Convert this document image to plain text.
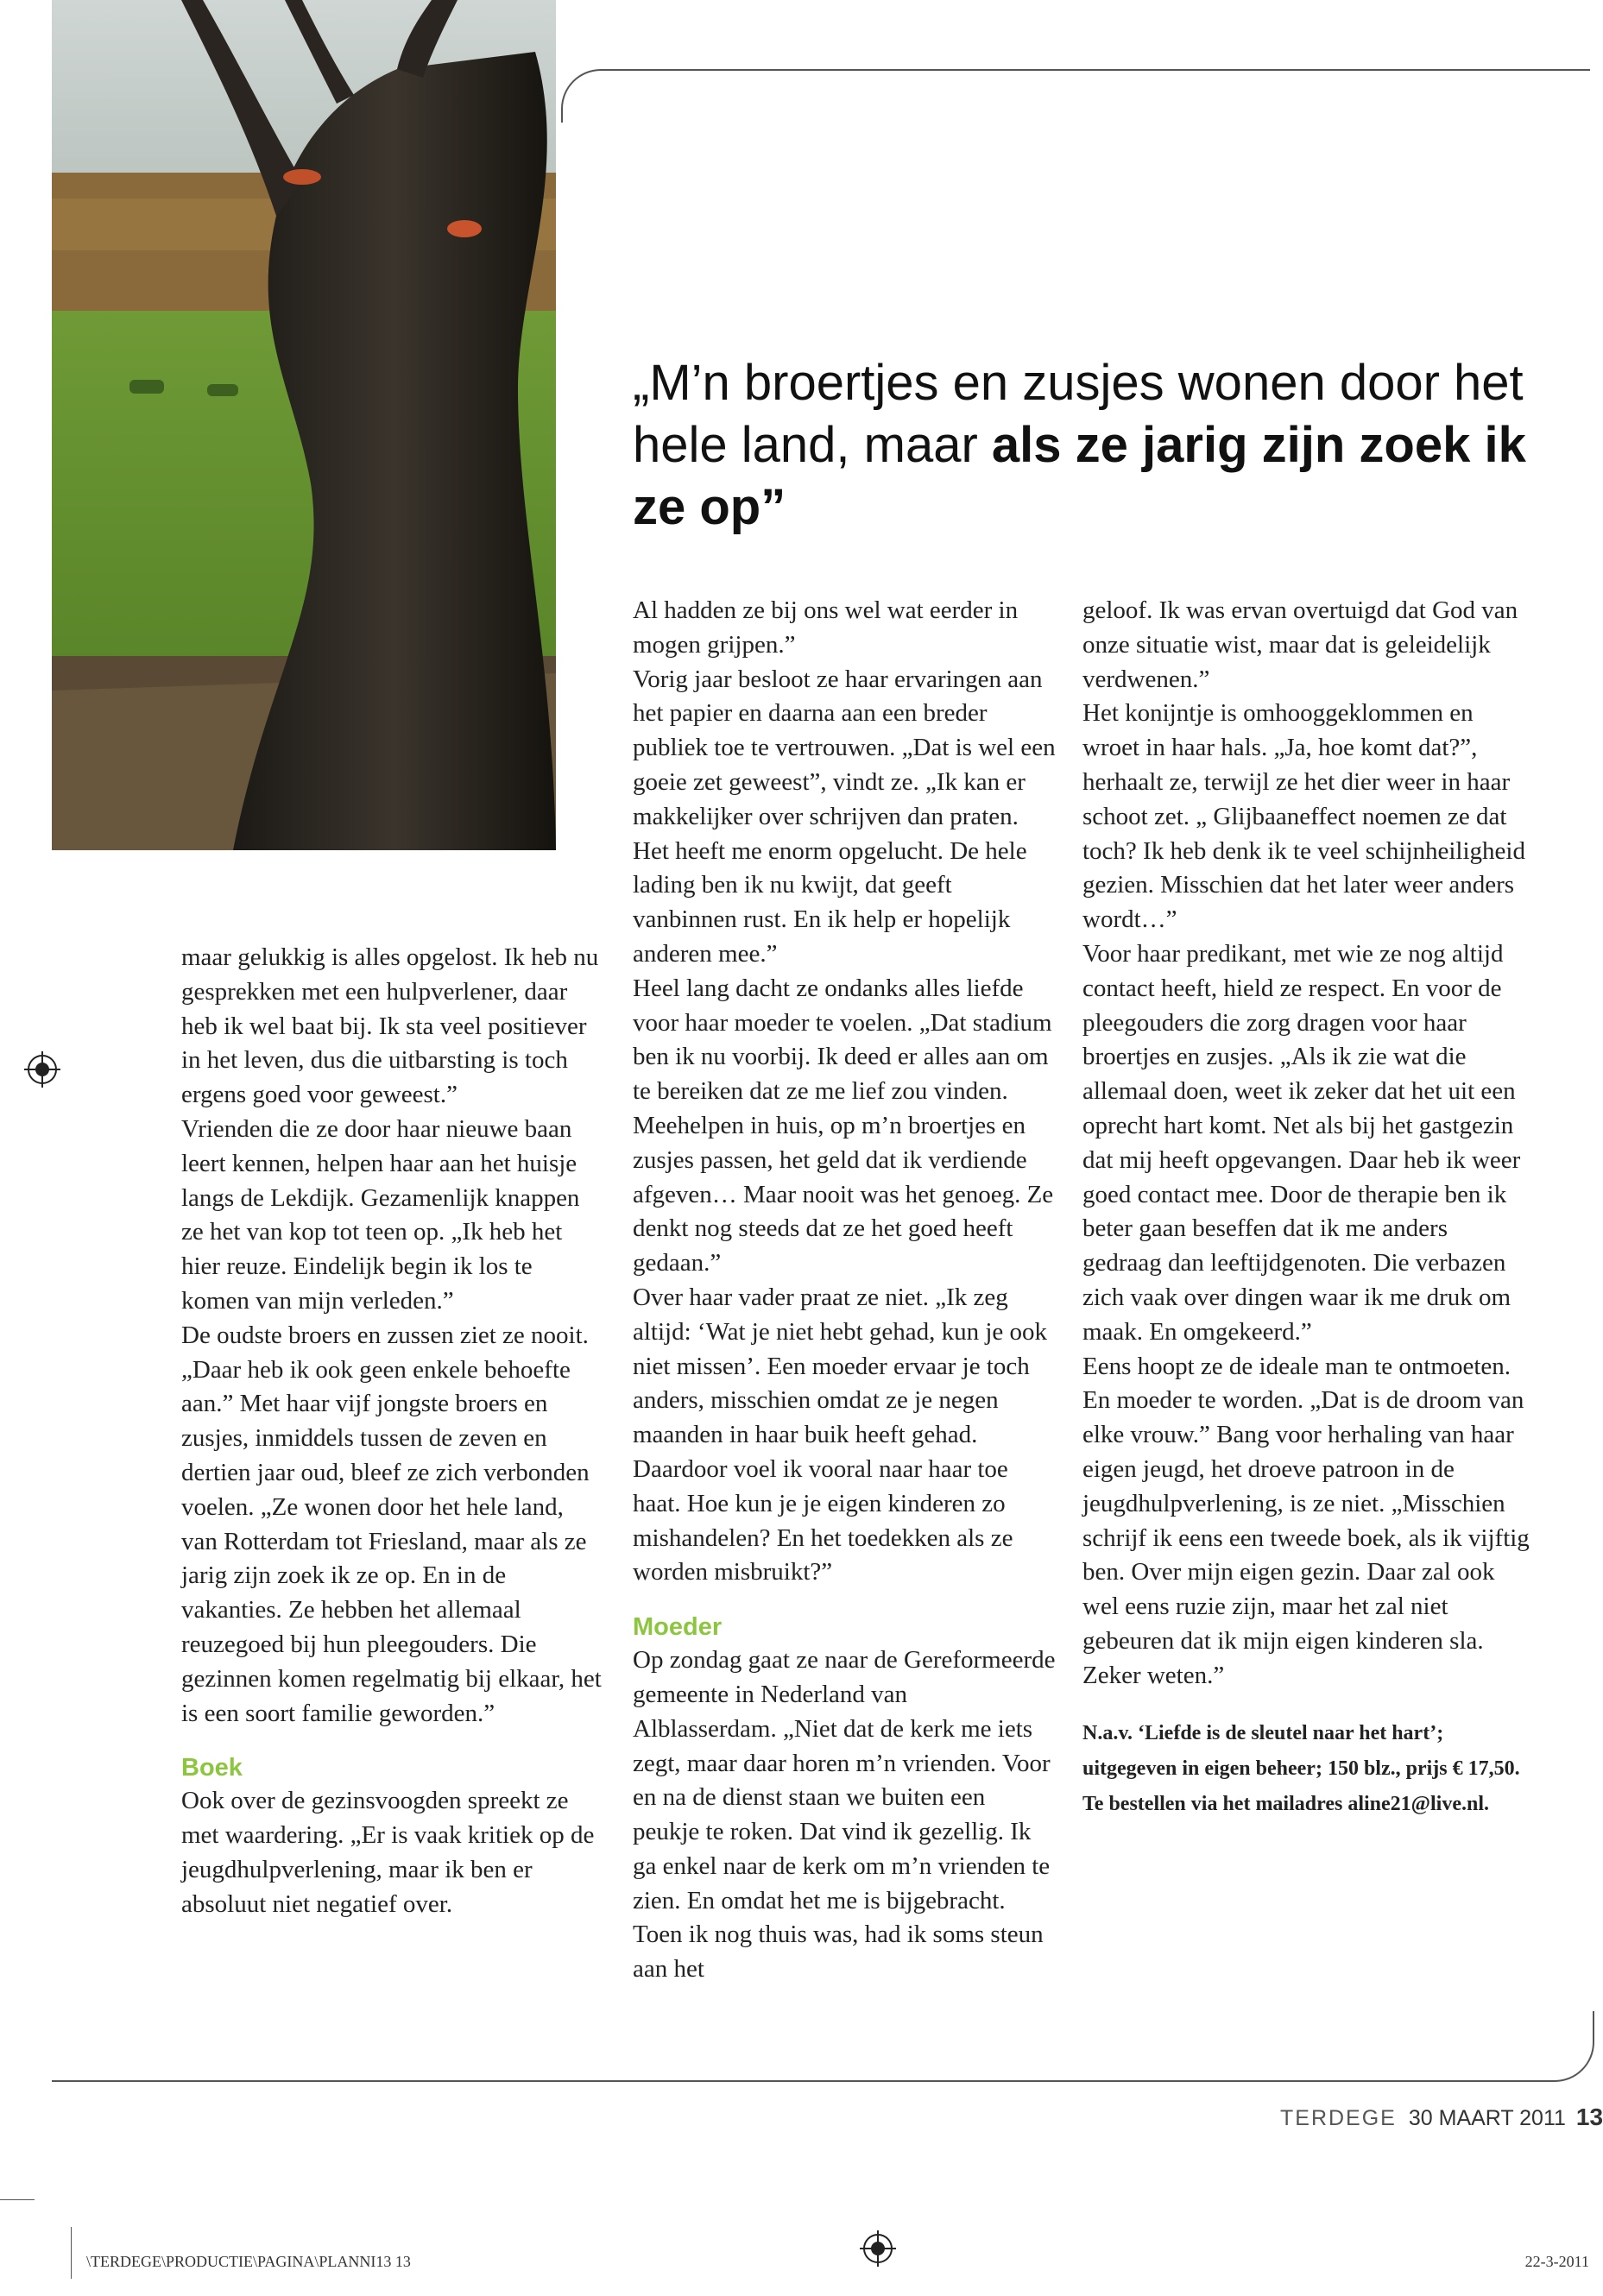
„M’n broertjes en zusjes wonen door het hele land, maar als ze jarig zijn zoek ik ze op”

maar gelukkig is alles opgelost. Ik heb nu gesprekken met een hulpverlener, daar heb ik wel baat bij. Ik sta veel positiever in het leven, dus die uitbarsting is toch ergens goed voor geweest.”

Vrienden die ze door haar nieuwe baan leert kennen, helpen haar aan het huisje langs de Lekdijk. Gezamenlijk knappen ze het van kop tot teen op. „Ik heb het hier reuze. Eindelijk begin ik los te komen van mijn verleden.”

De oudste broers en zussen ziet ze nooit. „Daar heb ik ook geen enkele behoefte aan.” Met haar vijf jongste broers en zusjes, inmiddels tussen de zeven en dertien jaar oud, bleef ze zich verbonden voelen. „Ze wonen door het hele land, van Rotterdam tot Friesland, maar als ze jarig zijn zoek ik ze op. En in de vakanties. Ze hebben het allemaal reuzegoed bij hun pleegouders. Die gezinnen komen regelmatig bij elkaar, het is een soort familie geworden.”

Boek

Ook over de gezinsvoogden spreekt ze met waardering. „Er is vaak kritiek op de jeugdhulpverlening, maar ik ben er absoluut niet negatief over.

Al hadden ze bij ons wel wat eerder in mogen grijpen.”

Vorig jaar besloot ze haar ervaringen aan het papier en daarna aan een breder publiek toe te vertrouwen. „Dat is wel een goeie zet geweest”, vindt ze. „Ik kan er makkelijker over schrijven dan praten. Het heeft me enorm opgelucht. De hele lading ben ik nu kwijt, dat geeft vanbinnen rust. En ik help er hopelijk anderen mee.”

Heel lang dacht ze ondanks alles liefde voor haar moeder te voelen. „Dat stadium ben ik nu voorbij. Ik deed er alles aan om te bereiken dat ze me lief zou vinden. Meehelpen in huis, op m’n broertjes en zusjes passen, het geld dat ik verdiende afgeven… Maar nooit was het genoeg. Ze denkt nog steeds dat ze het goed heeft gedaan.”

Over haar vader praat ze niet. „Ik zeg altijd: ‘Wat je niet hebt gehad, kun je ook niet missen’. Een moeder ervaar je toch anders, misschien omdat ze je negen maanden in haar buik heeft gehad. Daardoor voel ik vooral naar haar toe haat. Hoe kun je je eigen kinderen zo mishandelen? En het toedekken als ze worden misbruikt?”

Moeder

Op zondag gaat ze naar de Gereformeerde gemeente in Nederland van Alblasserdam. „Niet dat de kerk me iets zegt, maar daar horen m’n vrienden. Voor en na de dienst staan we buiten een peukje te roken. Dat vind ik gezellig. Ik ga enkel naar de kerk om m’n vrienden te zien. En omdat het me is bijgebracht. Toen ik nog thuis was, had ik soms steun aan het

geloof. Ik was ervan overtuigd dat God van onze situatie wist, maar dat is geleidelijk verdwenen.”

Het konijntje is omhooggeklommen en wroet in haar hals. „Ja, hoe komt dat?”, herhaalt ze, terwijl ze het dier weer in haar schoot zet. „ Glijbaaneffect noemen ze dat toch? Ik heb denk ik te veel schijnheiligheid gezien. Misschien dat het later weer anders wordt…”

Voor haar predikant, met wie ze nog altijd contact heeft, hield ze respect. En voor de pleegouders die zorg dragen voor haar broertjes en zusjes. „Als ik zie wat die allemaal doen, weet ik zeker dat het uit een oprecht hart komt. Net als bij het gastgezin dat mij heeft opgevangen. Daar heb ik weer goed contact mee. Door de therapie ben ik beter gaan beseffen dat ik me anders gedraag dan leeftijdgenoten. Die verbazen zich vaak over dingen waar ik me druk om maak. En omgekeerd.”

Eens hoopt ze de ideale man te ontmoeten. En moeder te worden. „Dat is de droom van elke vrouw.” Bang voor herhaling van haar eigen jeugd, het droeve patroon in de jeugdhulpverlening, is ze niet. „Misschien schrijf ik eens een tweede boek, als ik vijftig ben. Over mijn eigen gezin. Daar zal ook wel eens ruzie zijn, maar het zal niet gebeuren dat ik mijn eigen kinderen sla. Zeker weten.”

N.a.v. ‘Liefde is de sleutel naar het hart’; uitgegeven in eigen beheer; 150 blz., prijs € 17,50. Te bestellen via het mailadres aline21@live.nl.

TERDEGE 30 MAART 2011 13
\TERDEGE\PRODUCTIE\PAGINA\PLANNI13 13	22-3-2011
